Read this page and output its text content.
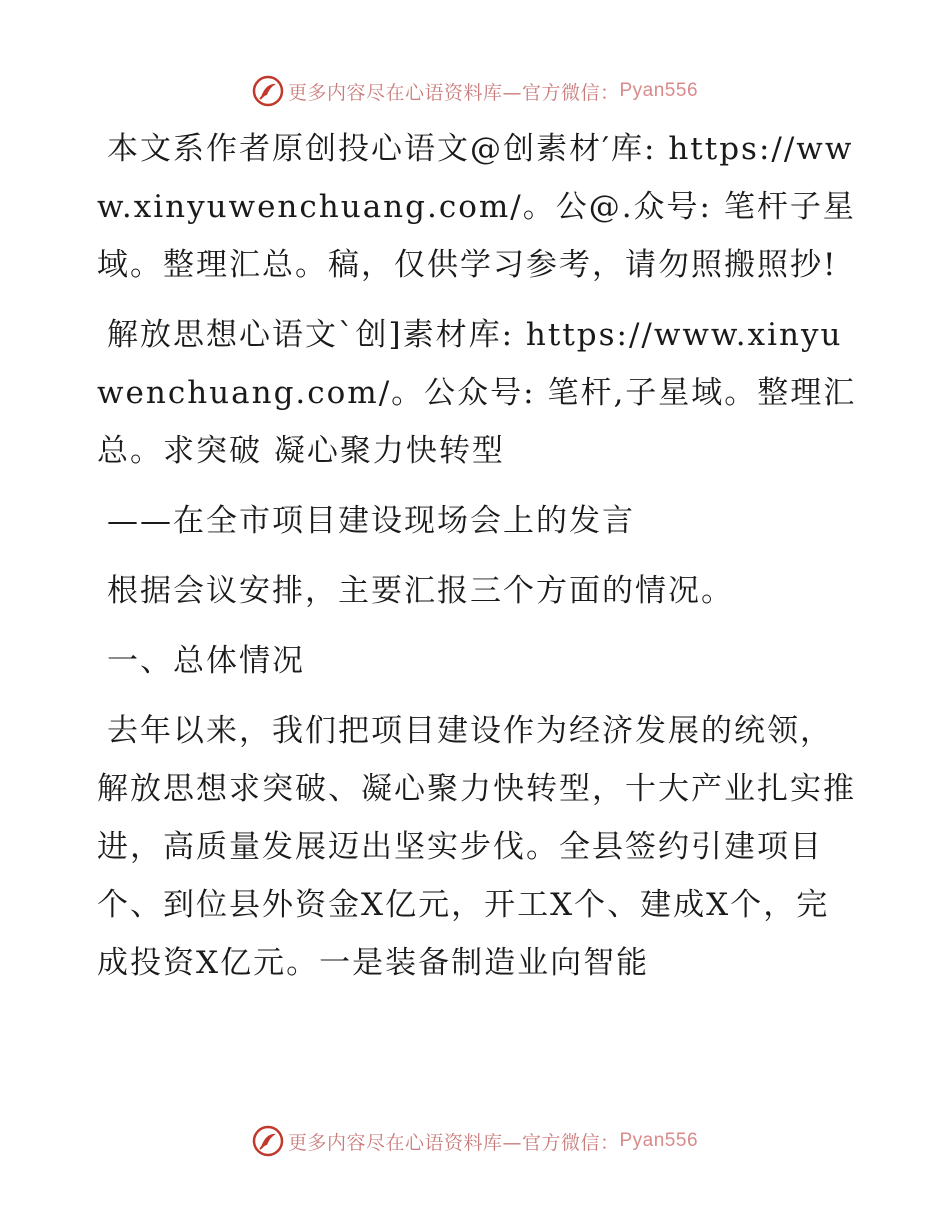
更多内容尽在心语资料库—官方微信： Pyan556

本文系作者原创投心语文@创素材′库: https://www.xinyuwenchuang.com/。公@.众号: 笔杆子星域。整理汇总。稿，仅供学习参考，请勿照搬照抄!

解放思想心语文`创]素材库: https://www.xinyuwenchuang.com/。公众号: 笔杆,子星域。整理汇总。求突破 凝心聚力快转型

——在全市项目建设现场会上的发言

根据会议安排，主要汇报三个方面的情况。

一、总体情况

去年以来，我们把项目建设作为经济发展的统领，解放思想求突破、凝心聚力快转型，十大产业扎实推进，高质量发展迈出坚实步伐。全县签约引建项目 个、到位县外资金X亿元，开工X个、建成X个，完成投资X亿元。一是装备制造业向智能

更多内容尽在心语资料库—官方微信： Pyan556
